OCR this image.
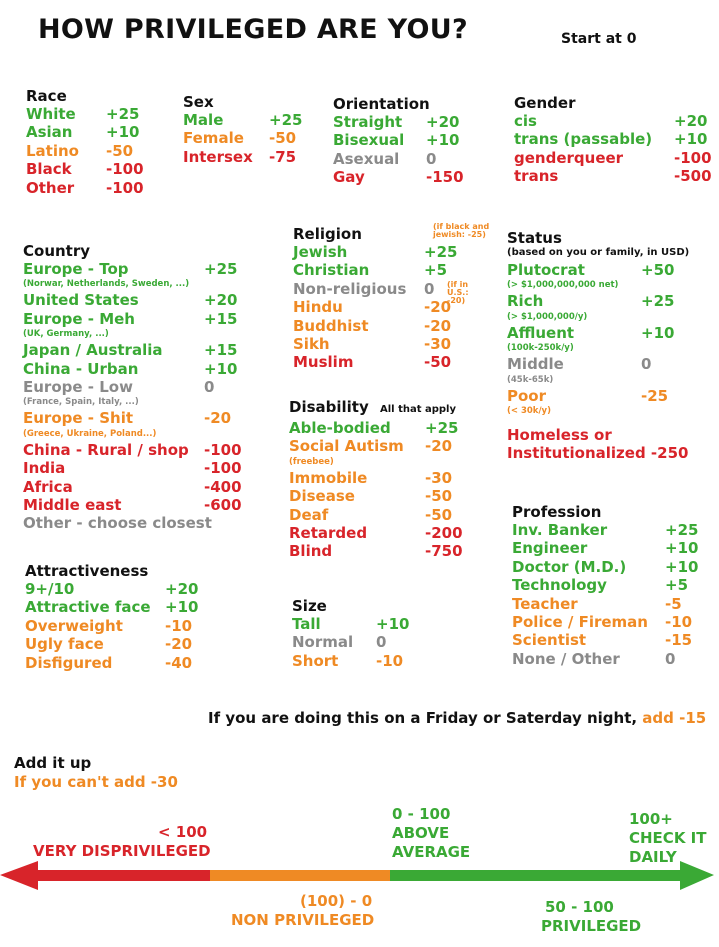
HOW PRIVILEGED ARE YOU?	Start at 0
Race
White +25
Asian +10
Latino -50
Black -100
Other -100
Sex
Male	+25
Female -50
Intersex -75
Orientation
Straight +20
Bisexual +10
Asexual 0
Gay	-150
Gender
cis	+20
trans (passable) +10
genderqueer	-100
trans	-500
Country
Europe - Top	+25
(Norwar, Netherlands, Sweden, ...)
United States	+20
Europe - Meh	+15
(UK, Germany, ...)
Japan / Australia	+15
China - Urban	+10
Europe - Low	0
(France, Spain, Italy, ...)
Europe - Shit	-20
(Greece, Ukraine, Poland...)
China - Rural / shop -100
India	-100
Africa	-400
Middle east	-600
Other - choose closest
Religion	(if black and jewish: -25)
Jewish	+25
Christian	+5
Non-religious 0
Hindu	-20
Buddhist	-20
Sikh	-30
Muslim	-50
(if in U.S.: -20)
Status
(based on you or family, in USD)
Plutocrat	+50
(> $1,000,000,000 net)
Rich	+25
(> $1,000,000/y)
Affluent	+10
(100k-250k/y)
Middle	0
(45k-65k)
Poor	-25
(< 30k/y)
Homeless or
Institutionalized -250
Disability All that apply
Able-bodied +25
Social Autism -20
(freebee)
Immobile	-30
Disease	-50
Deaf	-50
Retarded	-200
Blind	-750
Attractiveness
9+/10	+20
Attractive face +10
Overweight	-10
Ugly face	-20
Disfigured	-40
Size
Tall	+10
Normal 0
Short	-10
Profession
Inv. Banker	+25
Engineer	+10
Doctor (M.D.)	+10
Technology	+5
Teacher	-5
Police / Fireman -10
Scientist	-15
None / Other	0
If you are doing this on a Friday or Saterday night, add -15
Add it up
If you can't add -30
< 100
VERY DISPRIVILEGED
0 - 100
ABOVE
AVERAGE
100+
CHECK IT
DAILY
(100) - 0
NON PRIVILEGED
50 - 100
PRIVILEGED
